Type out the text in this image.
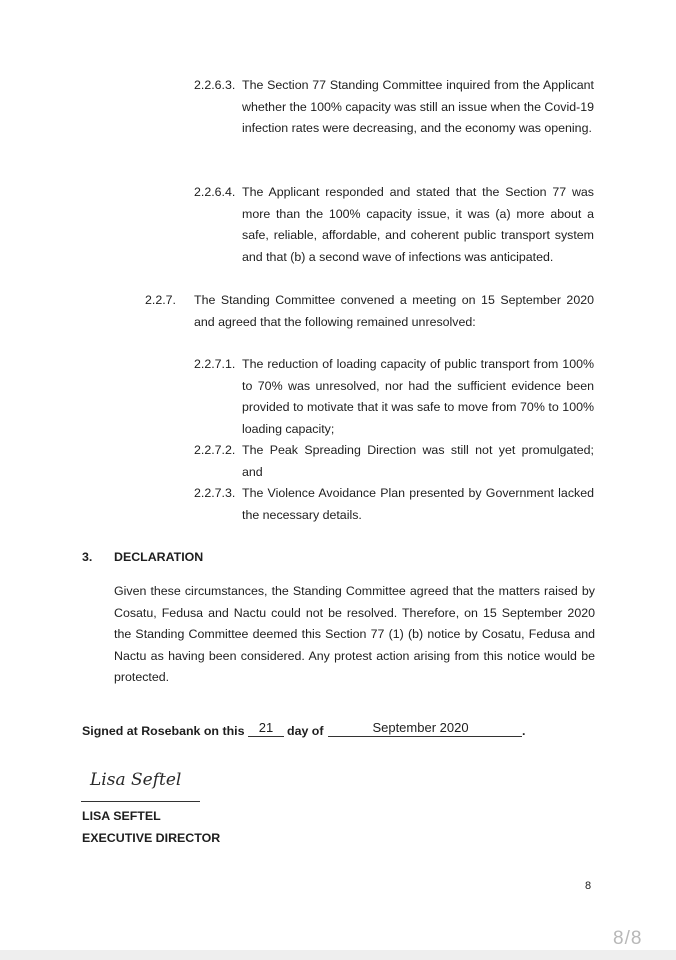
2.2.6.3. The Section 77 Standing Committee inquired from the Applicant whether the 100% capacity was still an issue when the Covid-19 infection rates were decreasing, and the economy was opening.
2.2.6.4. The Applicant responded and stated that the Section 77 was more than the 100% capacity issue, it was (a) more about a safe, reliable, affordable, and coherent public transport system and that (b) a second wave of infections was anticipated.
2.2.7. The Standing Committee convened a meeting on 15 September 2020 and agreed that the following remained unresolved:
2.2.7.1. The reduction of loading capacity of public transport from 100% to 70% was unresolved, nor had the sufficient evidence been provided to motivate that it was safe to move from 70% to 100% loading capacity;
2.2.7.2. The Peak Spreading Direction was still not yet promulgated; and
2.2.7.3. The Violence Avoidance Plan presented by Government lacked the necessary details.
3. DECLARATION
Given these circumstances, the Standing Committee agreed that the matters raised by Cosatu, Fedusa and Nactu could not be resolved. Therefore, on 15 September 2020 the Standing Committee deemed this Section 77 (1) (b) notice by Cosatu, Fedusa and Nactu as having been considered. Any protest action arising from this notice would be protected.
Signed at Rosebank on this	21	day of	September 2020	.
Lisa Seftel
LISA SEFTEL
EXECUTIVE DIRECTOR
8
8/8
